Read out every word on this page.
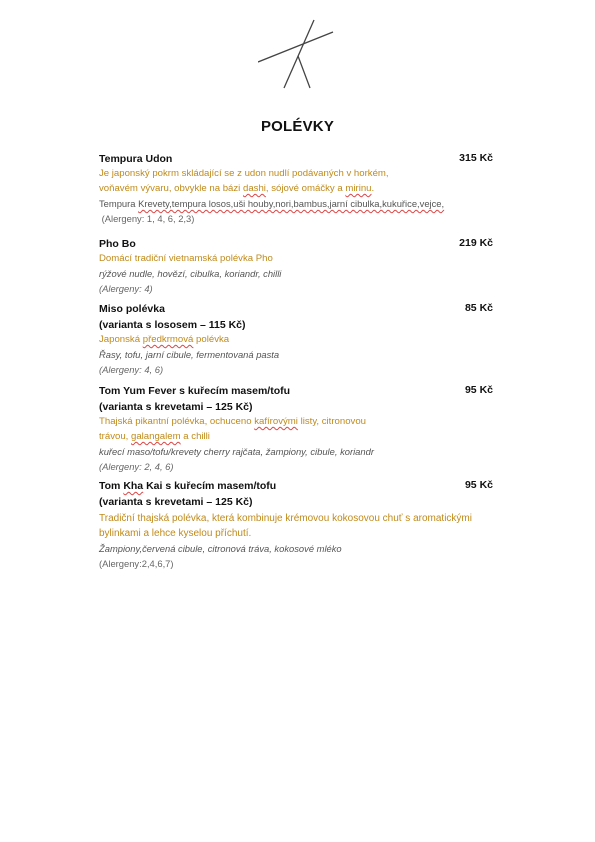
POLÉVKY
Tempura Udon	315 Kč
Je japonský pokrm skládající se z udon nudlí podávaných v horkém,
voňavém vývaru, obvykle na bázi dashi, sójové omáčky a mirinu.
Tempura Krevety,tempura losos,uši houby,nori,bambus,jarní cibulka,kukuřice,vejce,
(Alergeny: 1, 4, 6, 2,3)
Pho Bo	219 Kč
Domácí tradiční vietnamská polévka Pho
rýžové nudle, hovězí, cibulka, koriandr, chilli
(Alergeny: 4)
Miso polévka	85 Kč
(varianta s lososem – 115 Kč)
Japonská předkrmová polévka
Řasy, tofu, jarní cibule, fermentovaná pasta
(Alergeny: 4, 6)
Tom Yum Fever s kuřecím masem/tofu	95 Kč
(varianta s krevetami – 125 Kč)
Thajská pikantní polévka, ochuceno kafírovými listy, citronovou
trávou, galangalem a chilli
kuřecí maso/tofu/krevety cherry rajčata, žampiony, cibule, koriandr
(Alergeny: 2, 4, 6)
Tom Kha Kai s kuřecím masem/tofu	95 Kč
(varianta s krevetami – 125 Kč)
Tradiční thajská polévka, která kombinuje krémovou kokosovou chuť s aromatickými
bylinkami a lehce kyselou příchutí.
Žampiony,červená cibule, citronová tráva, kokosové mléko
(Alergeny:2,4,6,7)
